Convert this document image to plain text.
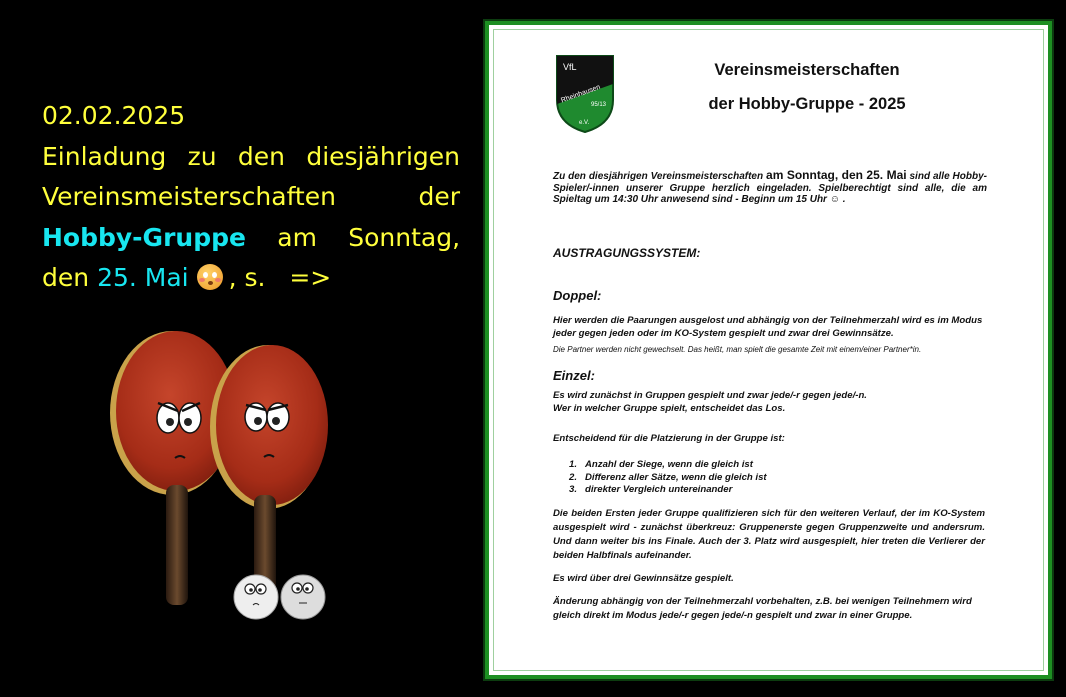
02.02.2025
Einladung zu den diesjährigen
Vereinsmeisterschaften	der
Hobby-Gruppe am Sonntag,
den 25. Mai , s. =>
VfL
Rheinhausen
95/13
e.V.
Vereinsmeisterschaften
der Hobby-Gruppe - 2025
Zu den diesjährigen Vereinsmeisterschaften am Sonntag, den 25. Mai sind alle Hobby-Spieler/-innen unserer Gruppe herzlich eingeladen. Spielberechtigt sind alle, die am Spieltag um 14:30 Uhr anwesend sind - Beginn um 15 Uhr ☺ .
AUSTRAGUNGSSYSTEM:
Doppel:
Hier werden die Paarungen ausgelost und abhängig von der Teilnehmerzahl wird es im Modus jeder gegen jeden oder im KO-System gespielt und zwar drei Gewinnsätze.
Die Partner werden nicht gewechselt. Das heißt, man spielt die gesamte Zeit mit einem/einer Partner*in.
Einzel:
Es wird zunächst in Gruppen gespielt und zwar jede/-r gegen jede/-n.
Wer in welcher Gruppe spielt, entscheidet das Los.
Entscheidend für die Platzierung in der Gruppe ist:
1. Anzahl der Siege, wenn die gleich ist
2. Differenz aller Sätze, wenn die gleich ist
3. direkter Vergleich untereinander
Die beiden Ersten jeder Gruppe qualifizieren sich für den weiteren Verlauf, der im KO-System ausgespielt wird - zunächst überkreuz: Gruppenerste gegen Gruppenzweite und andersrum. Und dann weiter bis ins Finale. Auch der 3. Platz wird ausgespielt, hier treten die Verlierer der beiden Halbfinals aufeinander.
Es wird über drei Gewinnsätze gespielt.
Änderung abhängig von der Teilnehmerzahl vorbehalten, z.B. bei wenigen Teilnehmern wird gleich direkt im Modus jede/-r gegen jede/-n gespielt und zwar in einer Gruppe.
